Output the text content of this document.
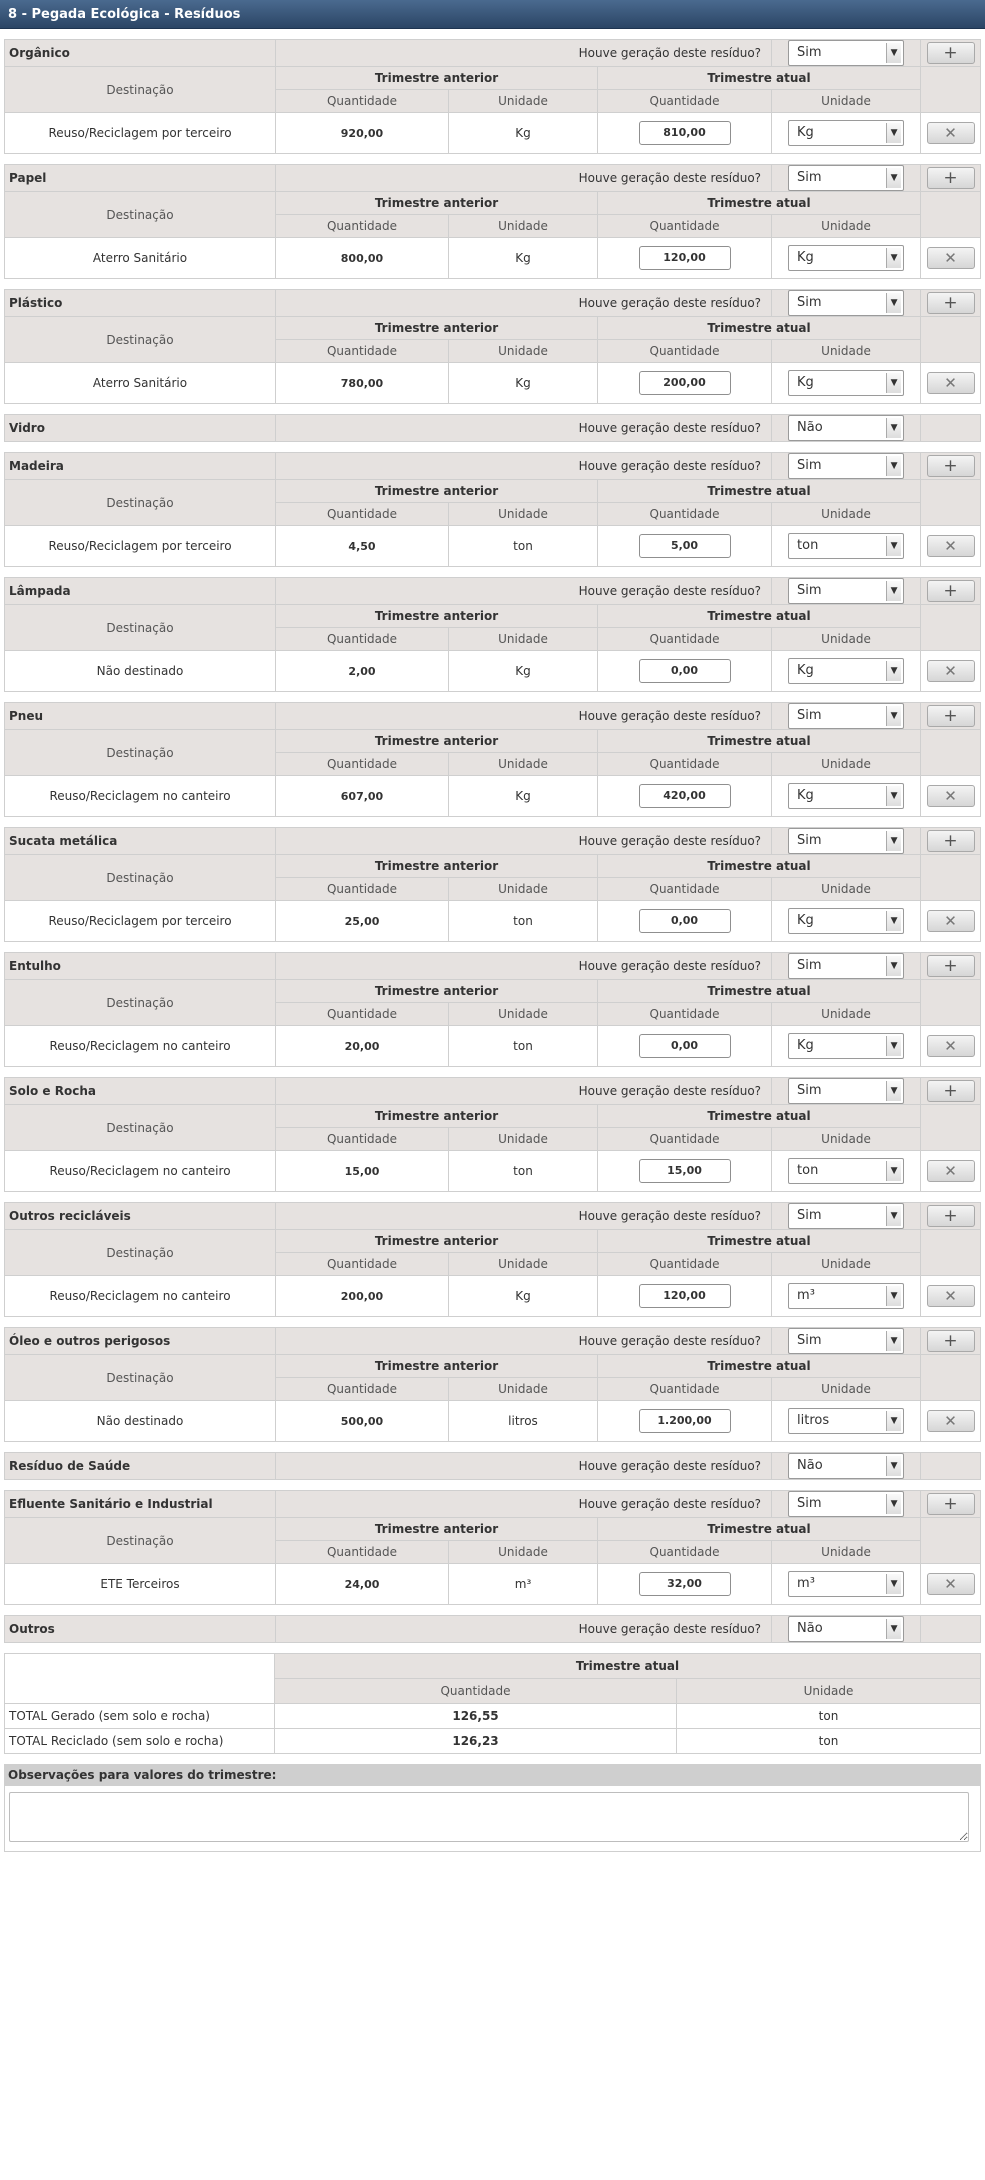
8 - Pegada Ecológica - Resíduos
Orgânico	Houve geração deste resíduo?			Sim ▼	+
Destinação	Trimestre anterior		Trimestre atual		
	Quantidade	Unidade	Quantidade	Unidade	
Reuso/Reciclagem por terceiro	920,00	Kg	810,00	Kg ▼	✕
Papel	Houve geração deste resíduo?			Sim ▼	+
Destinação	Trimestre anterior		Trimestre atual		
	Quantidade	Unidade	Quantidade	Unidade	
Aterro Sanitário	800,00	Kg	120,00	Kg ▼	✕
Plástico	Houve geração deste resíduo?			Sim ▼	+
Destinação	Trimestre anterior		Trimestre atual		
	Quantidade	Unidade	Quantidade	Unidade	
Aterro Sanitário	780,00	Kg	200,00	Kg ▼	✕
Vidro	Houve geração deste resíduo?	Não	▼

Madeira	Houve geração deste resíduo?			Sim ▼	+
Destinação	Trimestre anterior		Trimestre atual		
	Quantidade	Unidade	Quantidade	Unidade	
Reuso/Reciclagem por terceiro	4,50	ton	5,00	ton ▼	✕
Lâmpada	Houve geração deste resíduo?			Sim ▼	+
Destinação	Trimestre anterior		Trimestre atual		
	Quantidade	Unidade	Quantidade	Unidade	
Não destinado	2,00	Kg	0,00	Kg ▼	✕
Pneu	Houve geração deste resíduo?			Sim ▼	+
Destinação	Trimestre anterior		Trimestre atual		
	Quantidade	Unidade	Quantidade	Unidade	
Reuso/Reciclagem no canteiro	607,00	Kg	420,00	Kg ▼	✕
Sucata metálica	Houve geração deste resíduo?			Sim ▼	+
Destinação	Trimestre anterior		Trimestre atual		
	Quantidade	Unidade	Quantidade	Unidade	
Reuso/Reciclagem por terceiro	25,00	ton	0,00	Kg ▼	✕
Entulho	Houve geração deste resíduo?			Sim ▼	+
Destinação	Trimestre anterior		Trimestre atual		
	Quantidade	Unidade	Quantidade	Unidade	
Reuso/Reciclagem no canteiro	20,00	ton	0,00	Kg ▼	✕
Solo e Rocha	Houve geração deste resíduo?			Sim ▼	+
Destinação	Trimestre anterior		Trimestre atual		
	Quantidade	Unidade	Quantidade	Unidade	
Reuso/Reciclagem no canteiro	15,00	ton	15,00	ton ▼	✕
Outros recicláveis	Houve geração deste resíduo?			Sim ▼	+
Destinação	Trimestre anterior		Trimestre atual		
	Quantidade	Unidade	Quantidade	Unidade	
Reuso/Reciclagem no canteiro	200,00	Kg	120,00	m³ ▼	✕
Óleo e outros perigosos	Houve geração deste resíduo?			Sim ▼	+
Destinação	Trimestre anterior		Trimestre atual		
	Quantidade	Unidade	Quantidade	Unidade	
Não destinado	500,00	litros	1.200,00	litros ▼	✕
Resíduo de Saúde	Houve geração deste resíduo?	Não	▼

Efluente Sanitário e Industrial	Houve geração deste resíduo?			Sim ▼	+
Destinação	Trimestre anterior		Trimestre atual		
	Quantidade	Unidade	Quantidade	Unidade	
ETE Terceiros	24,00	m³	32,00	m³ ▼	✕
Outros	Houve geração deste resíduo?	Não	▼

	Trimestre atual	
	Quantidade	Unidade
TOTAL Gerado (sem solo e rocha)	126,55	ton
TOTAL Reciclado (sem solo e rocha)	126,23	ton
Observações para valores do trimestre:
